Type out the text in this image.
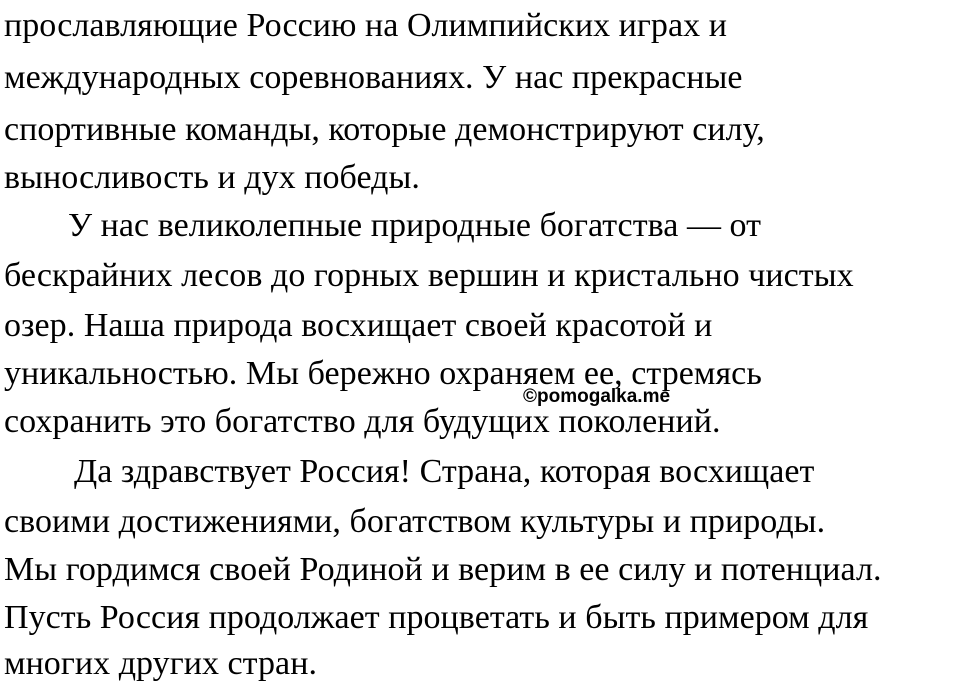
прославляющие Россию на Олимпийских играх и
международных соревнованиях. У нас прекрасные
спортивные команды, которые демонстрируют силу,
выносливость и дух победы.
У нас великолепные природные богатства — от
бескрайних лесов до горных вершин и кристально чистых
озер. Наша природа восхищает своей красотой и
уникальностью. Мы бережно охраняем ее, стремясь
сохранить это богатство для будущих поколений.
Да здравствует Россия! Страна, которая восхищает
своими достижениями, богатством культуры и природы.
Мы гордимся своей Родиной и верим в ее силу и потенциал.
Пусть Россия продолжает процветать и быть примером для
многих других стран.
©pomogalka.me
